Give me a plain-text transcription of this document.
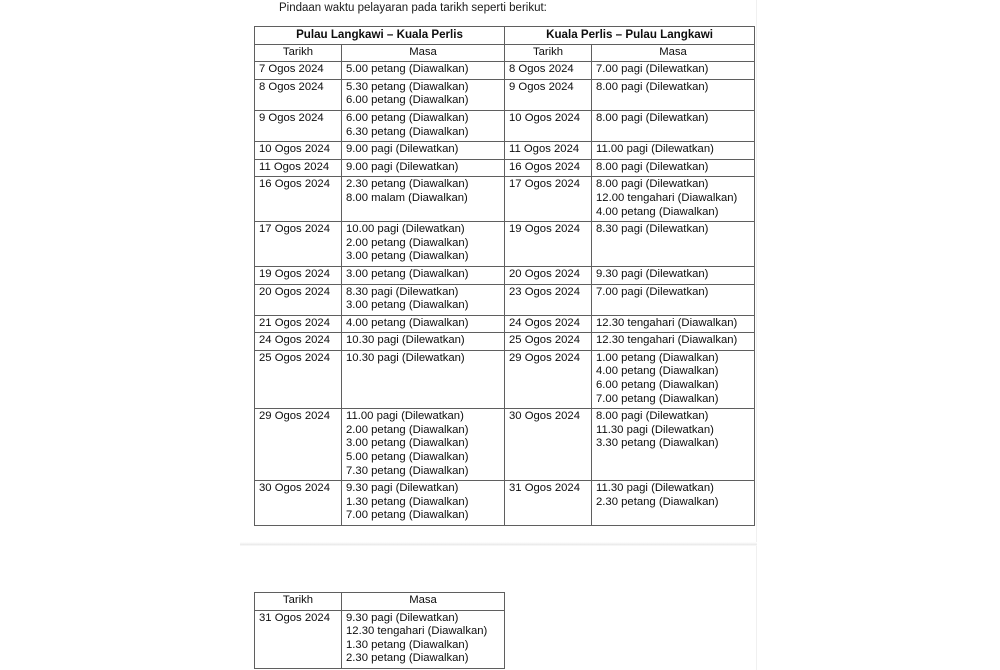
Pindaan waktu pelayaran pada tarikh seperti berikut:
Pulau Langkawi – Kuala Perlis		Kuala Perlis – Pulau Langkawi	
Tarikh	Masa	Tarikh	Masa
7 Ogos 2024	5.00 petang (Diawalkan)	8 Ogos 2024	7.00 pagi (Dilewatkan)

8 Ogos 2024	5.30 petang (Diawalkan)
6.00 petang (Diawalkan)	9 Ogos 2024	8.00 pagi (Dilewatkan)

9 Ogos 2024	6.00 petang (Diawalkan)
6.30 petang (Diawalkan)	10 Ogos 2024	8.00 pagi (Dilewatkan)

10 Ogos 2024	9.00 pagi (Dilewatkan)	11 Ogos 2024	11.00 pagi (Dilewatkan)

11 Ogos 2024	9.00 pagi (Dilewatkan)	16 Ogos 2024	8.00 pagi (Dilewatkan)

16 Ogos 2024	2.30 petang (Diawalkan)
8.00 malam (Diawalkan)	17 Ogos 2024	8.00 pagi (Dilewatkan)
12.00 tengahari (Diawalkan)
4.00 petang (Diawalkan)

17 Ogos 2024	10.00 pagi (Dilewatkan)
2.00 petang (Diawalkan)
3.00 petang (Diawalkan)	19 Ogos 2024	8.30 pagi (Dilewatkan)

19 Ogos 2024	3.00 petang (Diawalkan)	20 Ogos 2024	9.30 pagi (Dilewatkan)

20 Ogos 2024	8.30 pagi (Dilewatkan)
3.00 petang (Diawalkan)	23 Ogos 2024	7.00 pagi (Dilewatkan)

21 Ogos 2024	4.00 petang (Diawalkan)	24 Ogos 2024	12.30 tengahari (Diawalkan)

24 Ogos 2024	10.30 pagi (Dilewatkan)	25 Ogos 2024	12.30 tengahari (Diawalkan)

25 Ogos 2024	10.30 pagi (Dilewatkan)	29 Ogos 2024	1.00 petang (Diawalkan)
4.00 petang (Diawalkan)
6.00 petang (Diawalkan)
7.00 petang (Diawalkan)

29 Ogos 2024	11.00 pagi (Dilewatkan)
2.00 petang (Diawalkan)
3.00 petang (Diawalkan)
5.00 petang (Diawalkan)
7.30 petang (Diawalkan)	30 Ogos 2024	8.00 pagi (Dilewatkan)
11.30 pagi (Dilewatkan)
3.30 petang (Diawalkan)

30 Ogos 2024	9.30 pagi (Dilewatkan)
1.30 petang (Diawalkan)
7.00 petang (Diawalkan)	31 Ogos 2024	11.30 pagi (Dilewatkan)
2.30 petang (Diawalkan)
Tarikh	Masa
31 Ogos 2024	9.30 pagi (Dilewatkan)
12.30 tengahari (Diawalkan)
1.30 petang (Diawalkan)
2.30 petang (Diawalkan)
